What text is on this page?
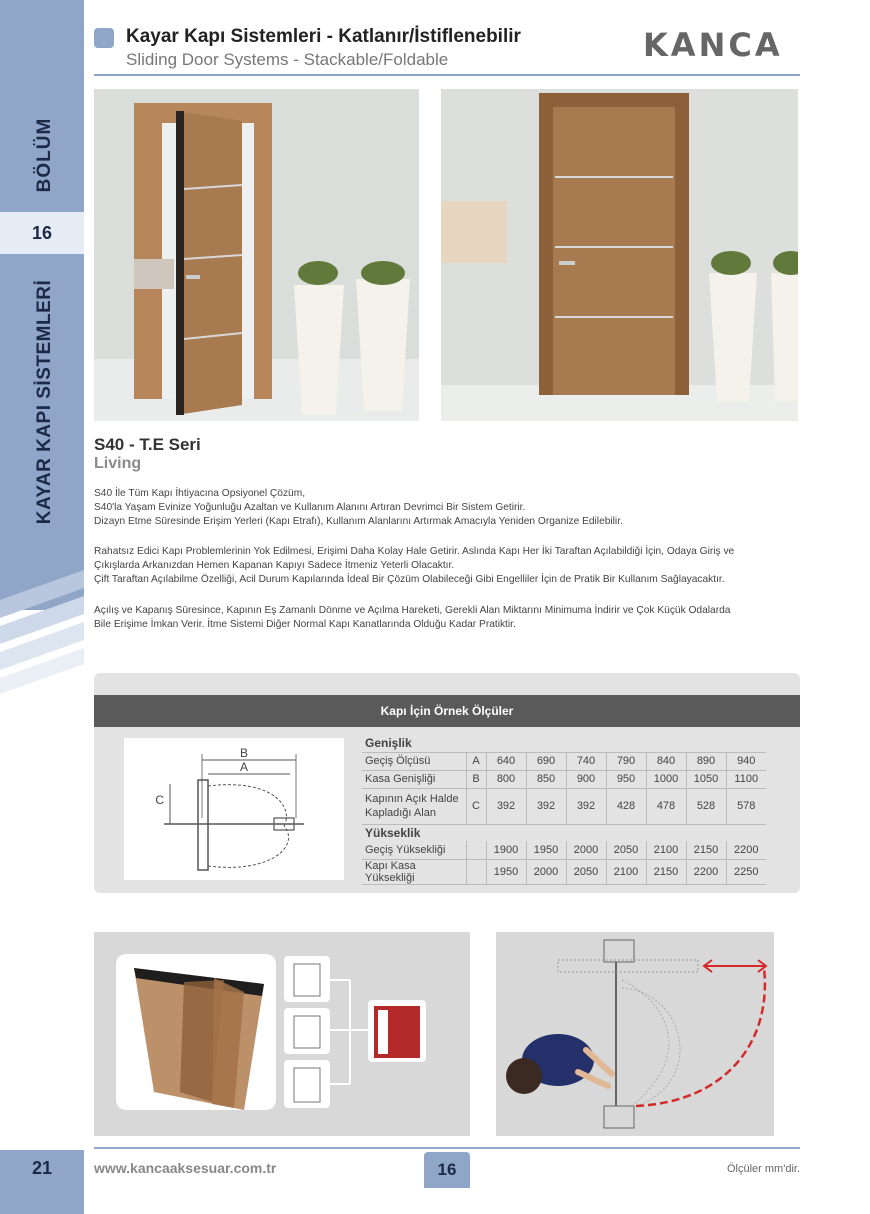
BÖLÜM
16
KAYAR KAPI SİSTEMLERİ
Kayar Kapı Sistemleri - Katlanır/İstiflenebilir
Sliding Door Systems - Stackable/Foldable	KANCA
S40 - T.E Seri
Living

S40 İle Tüm Kapı İhtiyacına Opsiyonel Çözüm,

S40'la Yaşam Evinize Yoğunluğu Azaltan ve Kullanım Alanını Artıran Devrimci Bir Sistem Getirir.

Dizayn Etme Süresinde Erişim Yerleri (Kapı Etrafı), Kullanım Alanlarını Artırmak Amacıyla Yeniden Organize Edilebilir.

Rahatsız Edici Kapı Problemlerinin Yok Edilmesi, Erişimi Daha Kolay Hale Getirir. Aslında Kapı Her İki Taraftan Açılabildiği İçin, Odaya Giriş ve

Çıkışlarda Arkanızdan Hemen Kapanan Kapıyı Sadece İtmeniz Yeterli Olacaktır.

Çift Taraftan Açılabilme Özelliği, Acil Durum Kapılarında İdeal Bir Çözüm Olabileceği Gibi Engelliler İçin de Pratik Bir Kullanım Sağlayacaktır.

Açılış ve Kapanış Süresince, Kapının Eş Zamanlı Dönme ve Açılma Hareketi, Gerekli Alan Miktarını Minimuma İndirir ve Çok Küçük Odalarda

Bile Erişime İmkan Verir. İtme Sistemi Diğer Normal Kapı Kanatlarında Olduğu Kadar Pratiktir.

Kapı İçin Örnek Ölçüler
B
A
C
Genişlik								
Geçiş Ölçüsü	A	640	690	740	790	840	890	940
Kasa Genişliği	B	800	850	900	950	1000	1050	1100
Kapının Açık Halde
Kapladığı Alan	C	392	392	392	428	478	528	578
Yükseklik								
Geçiş Yüksekliği		1900	1950	2000	2050	2100	2150	2200
Kapı Kasa Yüksekliği		1950	2000	2050	2100	2150	2200	2250
21	www.kancaaksesuar.com.tr	16	Ölçüler mm'dir.
